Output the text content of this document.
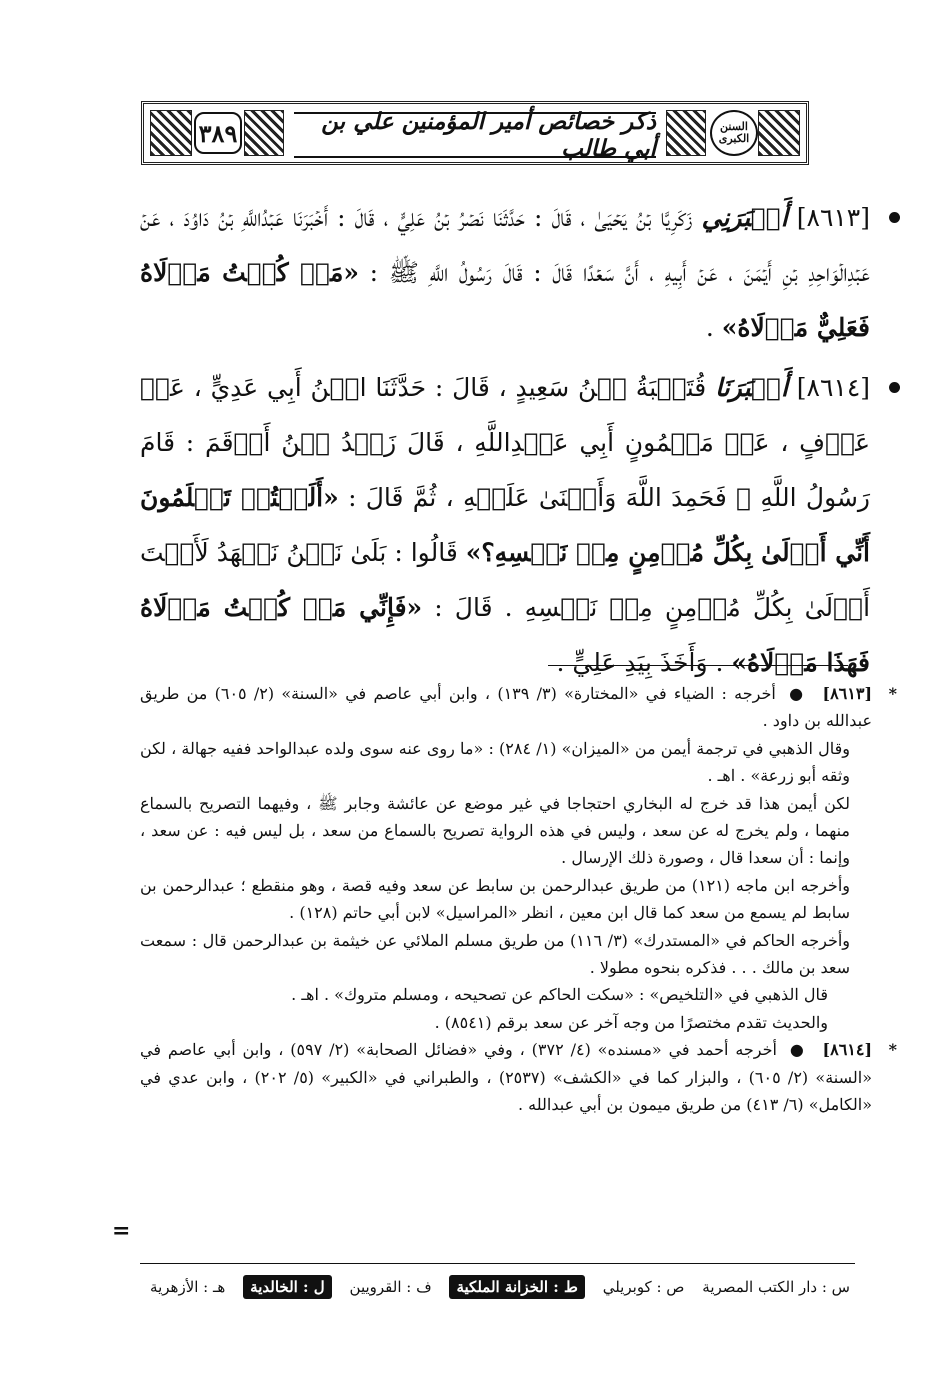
٣٨٩	ذكر خصائص أمير المؤمنين علي بن أبي طالب
السنن الكبرى
[٨٦١٣] أَخۡبَرَنِي زَكَرِيَّا بۡنُ يَحۡيَىٰ ، قَالَ : حَدَّثَنَا نَصۡرُ بۡنُ عَلِيٍّ ، قَالَ : أَخۡبَرَنَا عَبۡدُاللَّهِ بۡنُ دَاوُدَ ، عَنۡ عَبۡدِالۡوَاحِدِ بۡنِ أَيۡمَنَ ، عَنۡ أَبِيهِ ، أَنَّ سَعۡدًا قَالَ : قَالَ رَسُولُ اللَّهِ ﷺ : «مَنۡ كُنۡتُ مَوۡلَاهُ فَعَلِيٌّ مَوۡلَاهُ» .
[٨٦١٤] أَخۡبَرَنَا قُتَيۡبَةُ بۡنُ سَعِيدٍ ، قَالَ : حَدَّثَنَا ابۡنُ أَبِي عَدِيٍّ ، عَنۡ عَوۡفٍ ، عَنۡ مَيۡمُونٍ أَبِي عَبۡدِاللَّهِ ، قَالَ زَيۡدُ بۡنُ أَرۡقَمَ : قَامَ رَسُولُ اللَّهِ ﷺ فَحَمِدَ اللَّهَ وَأَثۡنَىٰ عَلَيۡهِ ، ثُمَّ قَالَ : «أَلَسۡتُمۡ تَعۡلَمُونَ أَنِّي أَوۡلَىٰ بِكُلِّ مُؤۡمِنٍ مِنۡ نَفۡسِهِ؟» قَالُوا : بَلَىٰ نَحۡنُ نَشۡهَدُ لَأَنۡتَ أَوۡلَىٰ بِكُلِّ مُؤۡمِنٍ مِنۡ نَفۡسِهِ . قَالَ : «فَإِنِّي مَنۡ كُنۡتُ مَوۡلَاهُ فَهَذَا مَوۡلَاهُ» . وَأَخَذَ بِيَدِ عَلِيٍّ .
*

[٨٦١٣] ● أخرجه : الضياء في «المختارة» (٣/ ١٣٩) ، وابن أبي عاصم في «السنة» (٢/ ٦٠٥) من طريق عبدالله بن داود .

وقال الذهبي في ترجمة أيمن من «الميزان» (١/ ٢٨٤) : «ما روى عنه سوى ولده عبدالواحد ففيه جهالة ، لكن وثقه أبو زرعة» . اهـ .

لكن أيمن هذا قد خرج له البخاري احتجاجا في غير موضع عن عائشة وجابر ﷺ ، وفيهما التصريح بالسماع منهما ، ولم يخرج له عن سعد ، وليس في هذه الرواية تصريح بالسماع من سعد ، بل ليس فيه : عن سعد ، وإنما : أن سعدا قال ، وصورة ذلك الإرسال .

وأخرجه ابن ماجه (١٢١) من طريق عبدالرحمن بن سابط عن سعد وفيه قصة ، وهو منقطع ؛ عبدالرحمن بن سابط لم يسمع من سعد كما قال ابن معين ، انظر «المراسيل» لابن أبي حاتم (١٢٨) .

وأخرجه الحاكم في «المستدرك» (٣/ ١١٦) من طريق مسلم الملائي عن خيثمة بن عبدالرحمن قال : سمعت سعد بن مالك . . . فذكره بنحوه مطولا .

قال الذهبي في «التلخيص» : «سكت الحاكم عن تصحيحه ، ومسلم متروك» . اهـ .

والحديث تقدم مختصرًا من وجه آخر عن سعد برقم (٨٥٤١) .

*

[٨٦١٤] ● أخرجه أحمد في «مسنده» (٤/ ٣٧٢) ، وفي «فضائل الصحابة» (٢/ ٥٩٧) ، وابن أبي عاصم في «السنة» (٢/ ٦٠٥) ، والبزار كما في «الكشف» (٢٥٣٧) ، والطبراني في «الكبير» (٥/ ٢٠٢) ، وابن عدي في «الكامل» (٦/ ٤١٣) من طريق ميمون بن أبي عبدالله .

=
س : دار الكتب المصرية
ص : كوبريلي
ط : الخزانة الملكية
ف : القرويين
ل : الخالدية
هـ : الأزهرية
